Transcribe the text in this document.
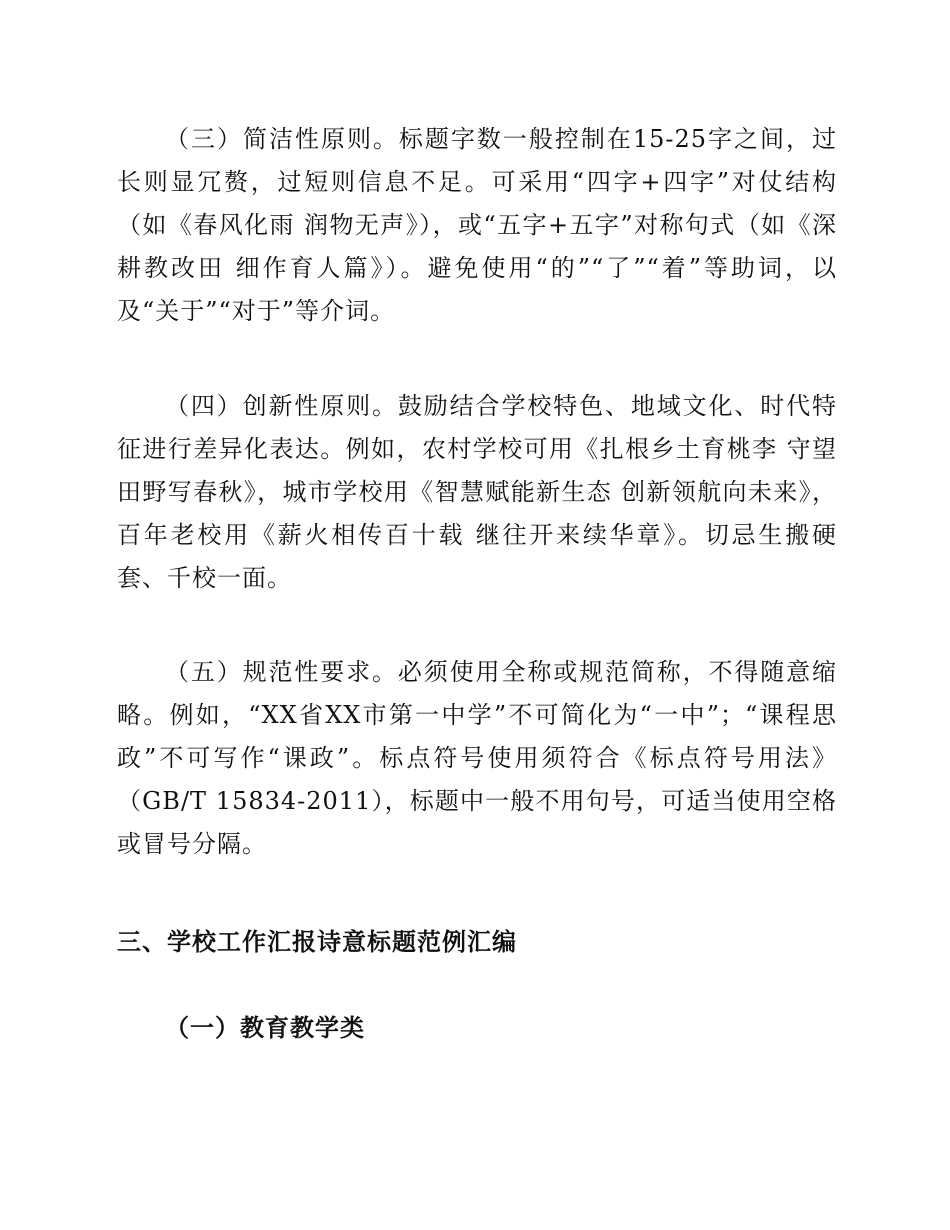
（三）简洁性原则。标题字数一般控制在15-25字之间，过长则显冗赘，过短则信息不足。可采用“四字+四字”对仗结构（如《春风化雨 润物无声》），或“五字+五字”对称句式（如《深耕教改田 细作育人篇》）。避免使用“的”“了”“着”等助词，以及“关于”“对于”等介词。

（四）创新性原则。鼓励结合学校特色、地域文化、时代特征进行差异化表达。例如，农村学校可用《扎根乡土育桃李 守望田野写春秋》，城市学校用《智慧赋能新生态 创新领航向未来》，百年老校用《薪火相传百十载 继往开来续华章》。切忌生搬硬套、千校一面。

（五）规范性要求。必须使用全称或规范简称，不得随意缩略。例如，“XX省XX市第一中学”不可简化为“一中”；“课程思政”不可写作“课政”。标点符号使用须符合《标点符号用法》（GB/T 15834-2011），标题中一般不用句号，可适当使用空格或冒号分隔。

三、学校工作汇报诗意标题范例汇编
（一）教育教学类
